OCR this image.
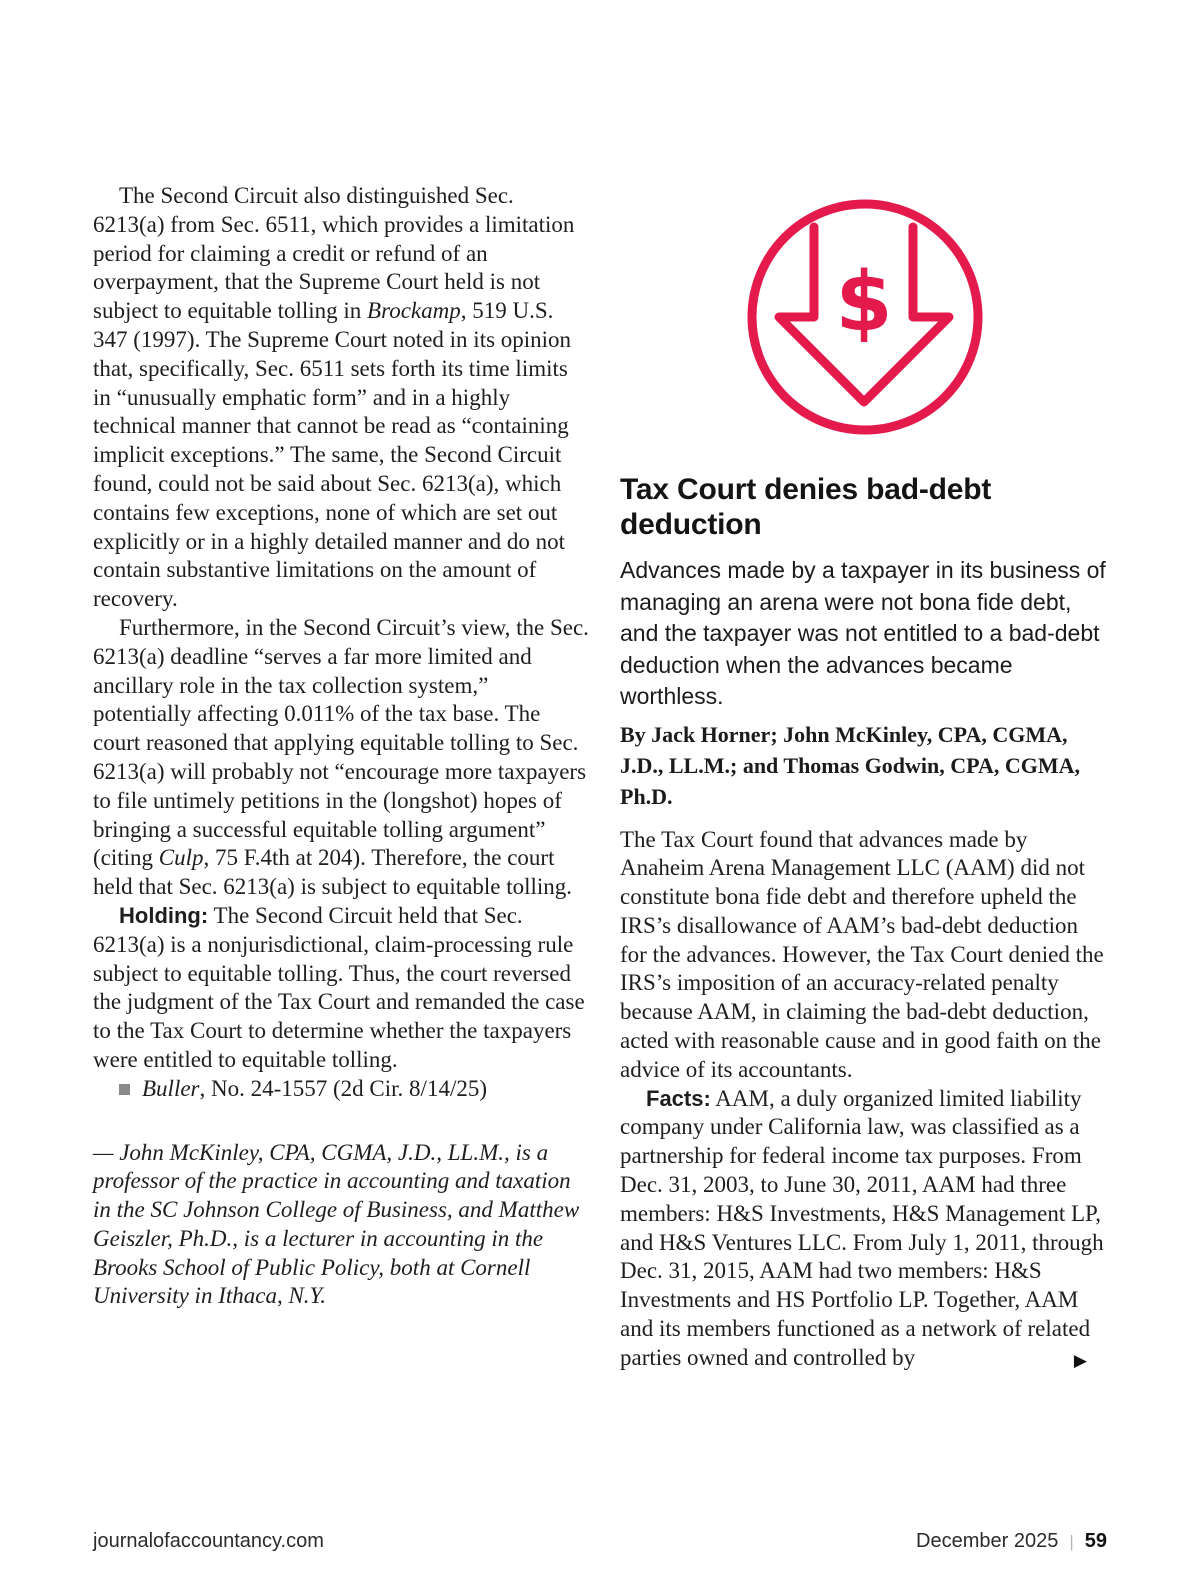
The Second Circuit also distinguished Sec. 6213(a) from Sec. 6511, which provides a limitation period for claiming a credit or refund of an overpayment, that the Supreme Court held is not subject to equitable tolling in Brockamp, 519 U.S. 347 (1997). The Supreme Court noted in its opinion that, specifically, Sec. 6511 sets forth its time limits in “unusually emphatic form” and in a highly technical manner that cannot be read as “containing implicit exceptions.” The same, the Second Circuit found, could not be said about Sec. 6213(a), which contains few exceptions, none of which are set out explicitly or in a highly detailed manner and do not contain substantive limitations on the amount of recovery.

Furthermore, in the Second Circuit’s view, the Sec. 6213(a) deadline “serves a far more limited and ancillary role in the tax collection system,” potentially affecting 0.011% of the tax base. The court reasoned that applying equitable tolling to Sec. 6213(a) will probably not “encourage more taxpayers to file untimely petitions in the (longshot) hopes of bringing a successful equitable tolling argument” (citing Culp, 75 F.4th at 204). Therefore, the court held that Sec. 6213(a) is subject to equitable tolling.

Holding: The Second Circuit held that Sec. 6213(a) is a nonjurisdictional, claim-processing rule subject to equitable tolling. Thus, the court reversed the judgment of the Tax Court and remanded the case to the Tax Court to determine whether the taxpayers were entitled to equitable tolling.

Buller, No. 24-1557 (2d Cir. 8/14/25)

— John McKinley, CPA, CGMA, J.D., LL.M., is a professor of the practice in accounting and taxation in the SC Johnson College of Business, and Matthew Geiszler, Ph.D., is a lecturer in accounting in the Brooks School of Public Policy, both at Cornell University in Ithaca, N.Y.

$
Tax Court denies bad-debt
deduction

Advances made by a taxpayer in its business of managing an arena were not bona fide debt, and the taxpayer was not entitled to a bad-debt deduction when the advances became worthless.

By Jack Horner; John McKinley, CPA, CGMA, J.D., LL.M.; and Thomas Godwin, CPA, CGMA, Ph.D.

The Tax Court found that advances made by Anaheim Arena Management LLC (AAM) did not constitute bona fide debt and therefore upheld the IRS’s disallowance of AAM’s bad-debt deduction for the advances. However, the Tax Court denied the IRS’s imposition of an accuracy-related penalty because AAM, in claiming the bad-debt deduction, acted with reasonable cause and in good faith on the advice of its accountants.

Facts: AAM, a duly organized limited liability company under California law, was classified as a partnership for federal income tax purposes. From Dec. 31, 2003, to June 30, 2011, AAM had three members: H&S Investments, H&S Management LP, and H&S Ventures LLC. From July 1, 2011, through Dec. 31, 2015, AAM had two members: H&S Investments and HS Portfolio LP. Together, AAM and its members functioned as a network of related parties owned and controlled by	▶
journalofaccountancy.com	December 2025 | 59
